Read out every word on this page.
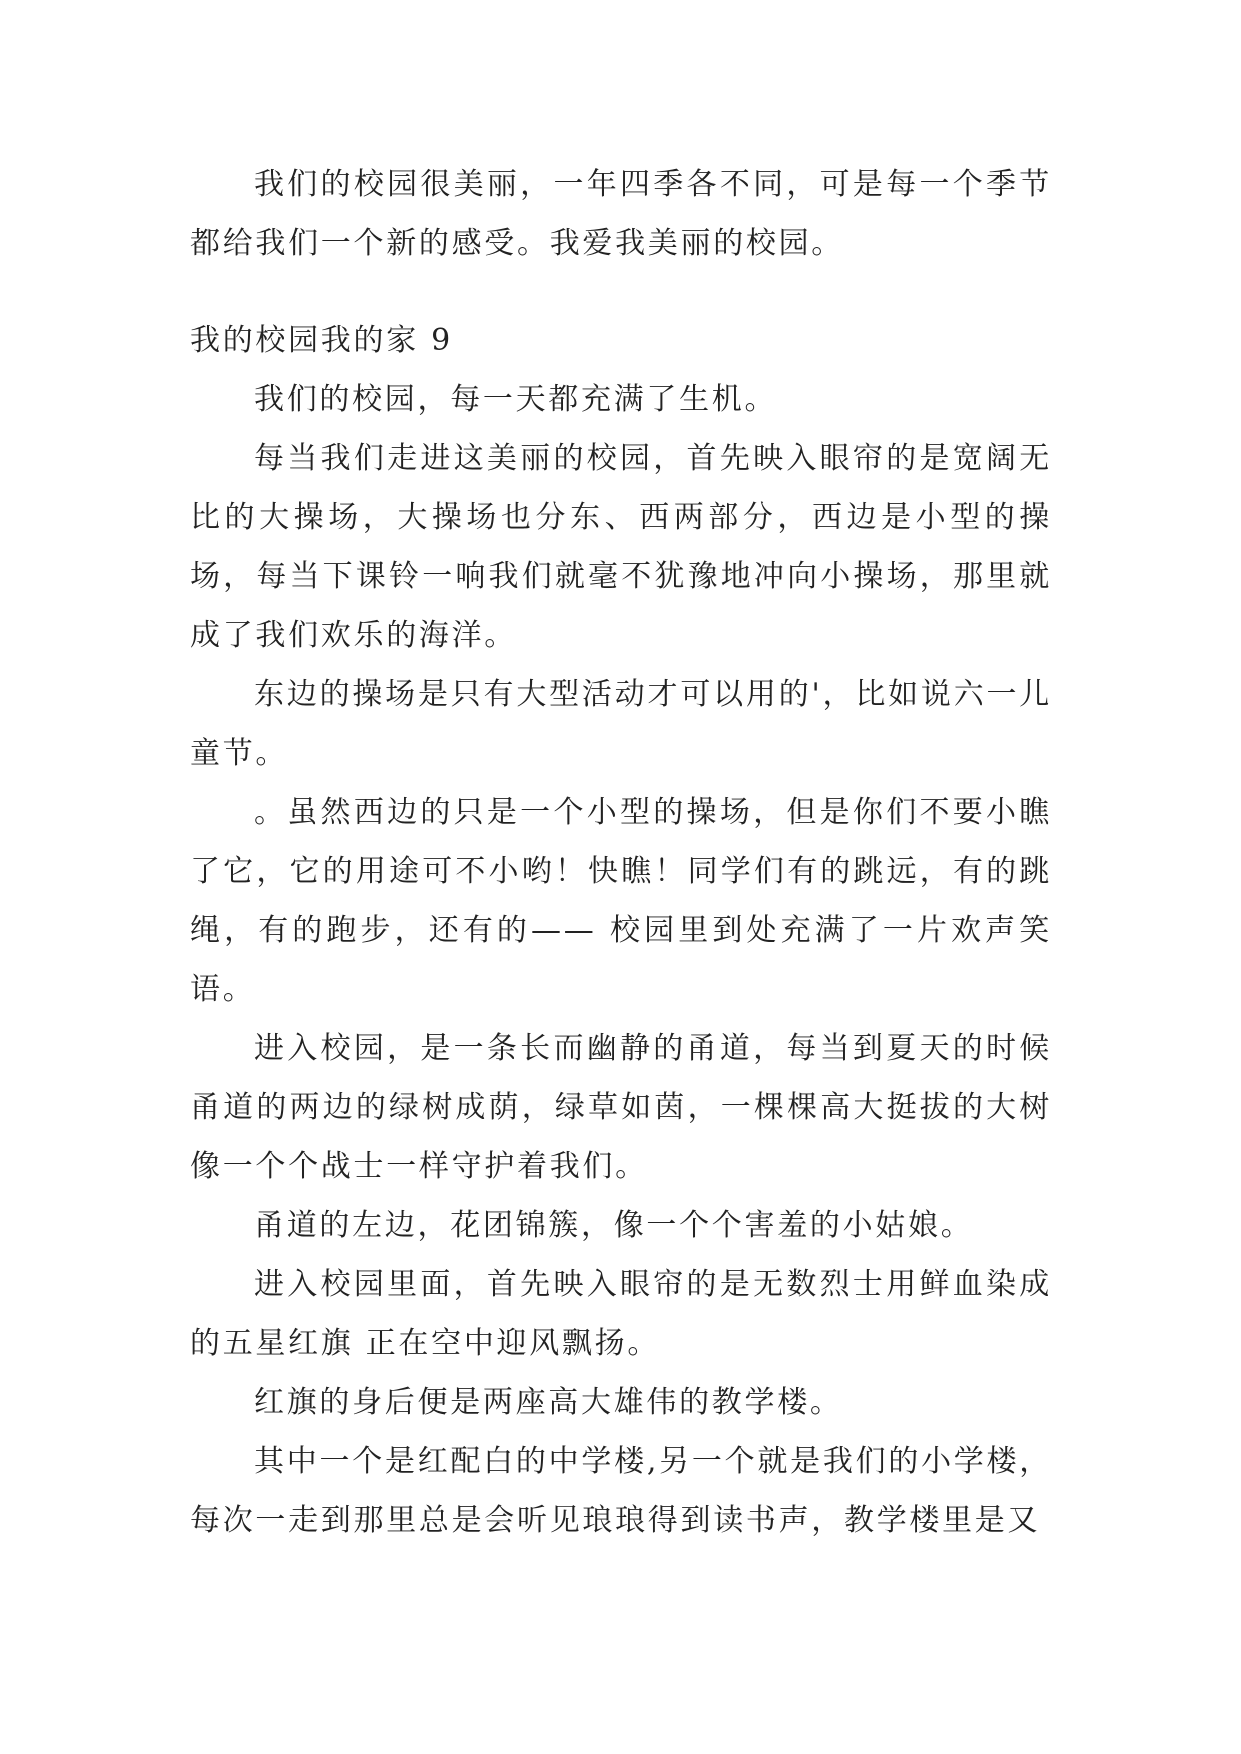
我们的校园很美丽，一年四季各不同，可是每一个季节都给我们一个新的感受。我爱我美丽的校园。

我的校园我的家 9

我们的校园，每一天都充满了生机。

每当我们走进这美丽的校园，首先映入眼帘的是宽阔无比的大操场，大操场也分东、西两部分，西边是小型的操场，每当下课铃一响我们就毫不犹豫地冲向小操场，那里就成了我们欢乐的海洋。

东边的操场是只有大型活动才可以用的'，比如说六一儿童节。

。虽然西边的只是一个小型的操场，但是你们不要小瞧了它，它的用途可不小哟！快瞧！同学们有的跳远，有的跳绳，有的跑步，还有的—— 校园里到处充满了一片欢声笑语。

进入校园，是一条长而幽静的甬道，每当到夏天的时候甬道的两边的绿树成荫，绿草如茵，一棵棵高大挺拔的大树像一个个战士一样守护着我们。

甬道的左边，花团锦簇，像一个个害羞的小姑娘。

进入校园里面，首先映入眼帘的是无数烈士用鲜血染成的五星红旗 正在空中迎风飘扬。

红旗的身后便是两座高大雄伟的教学楼。

其中一个是红配白的中学楼,另一个就是我们的小学楼，每次一走到那里总是会听见琅琅得到读书声，教学楼里是又
